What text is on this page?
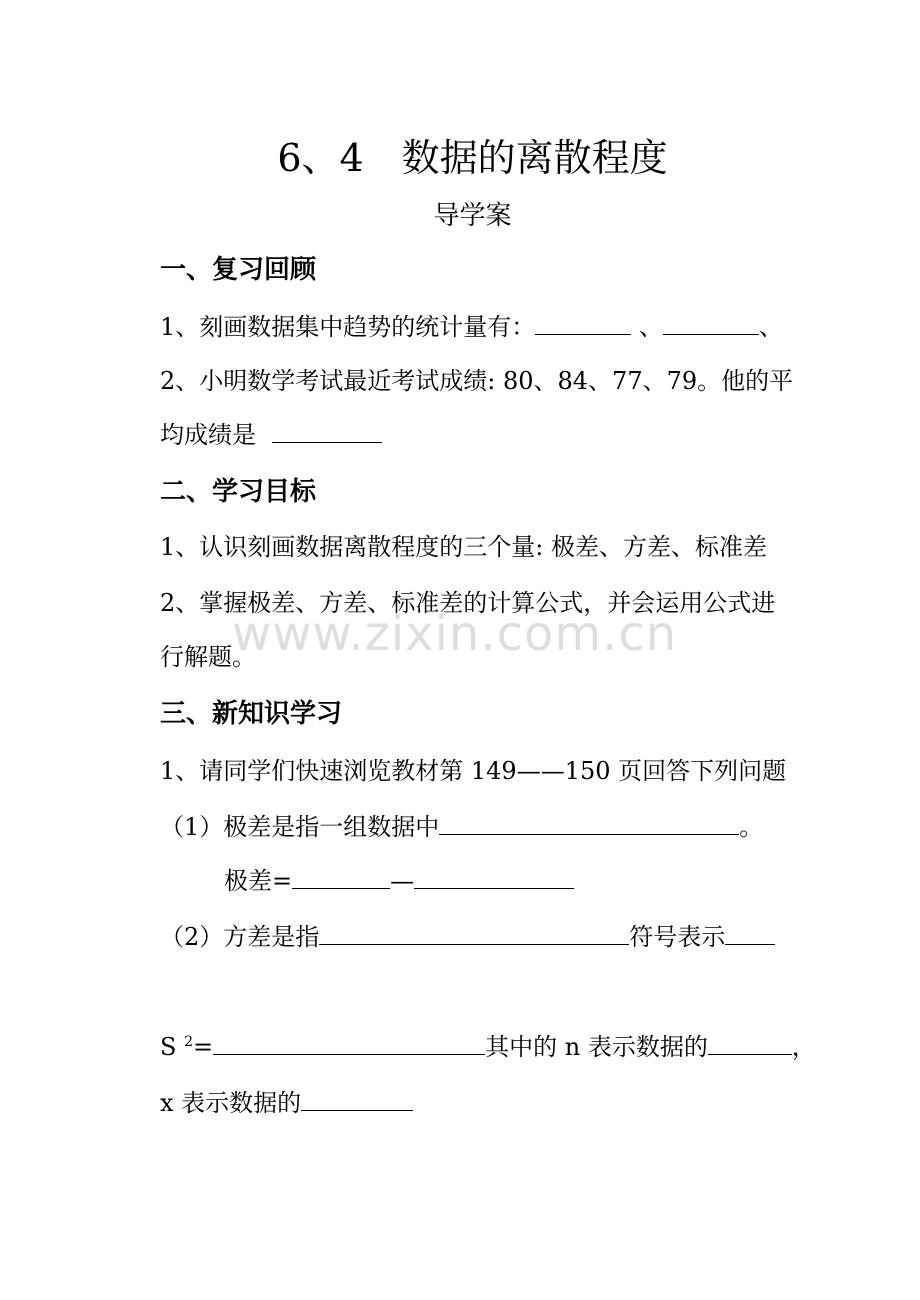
6、4　数据的离散程度
导学案
一、复习回顾
1、刻画数据集中趋势的统计量有：	、	、
2、小明数学考试最近考试成绩: 80、84、77、79。他的平
均成绩是
二、学习目标
1、认识刻画数据离散程度的三个量: 极差、方差、标准差
2、掌握极差、方差、标准差的计算公式，并会运用公式进
行解题。
三、新知识学习
1、请同学们快速浏览教材第 149——150 页回答下列问题
（1）极差是指一组数据中	。
极差=	—
（2）方差是指	符号表示
S $^2$=	其中的 n 表示数据的	，
x 表示数据的
www.zixin.com.cn
